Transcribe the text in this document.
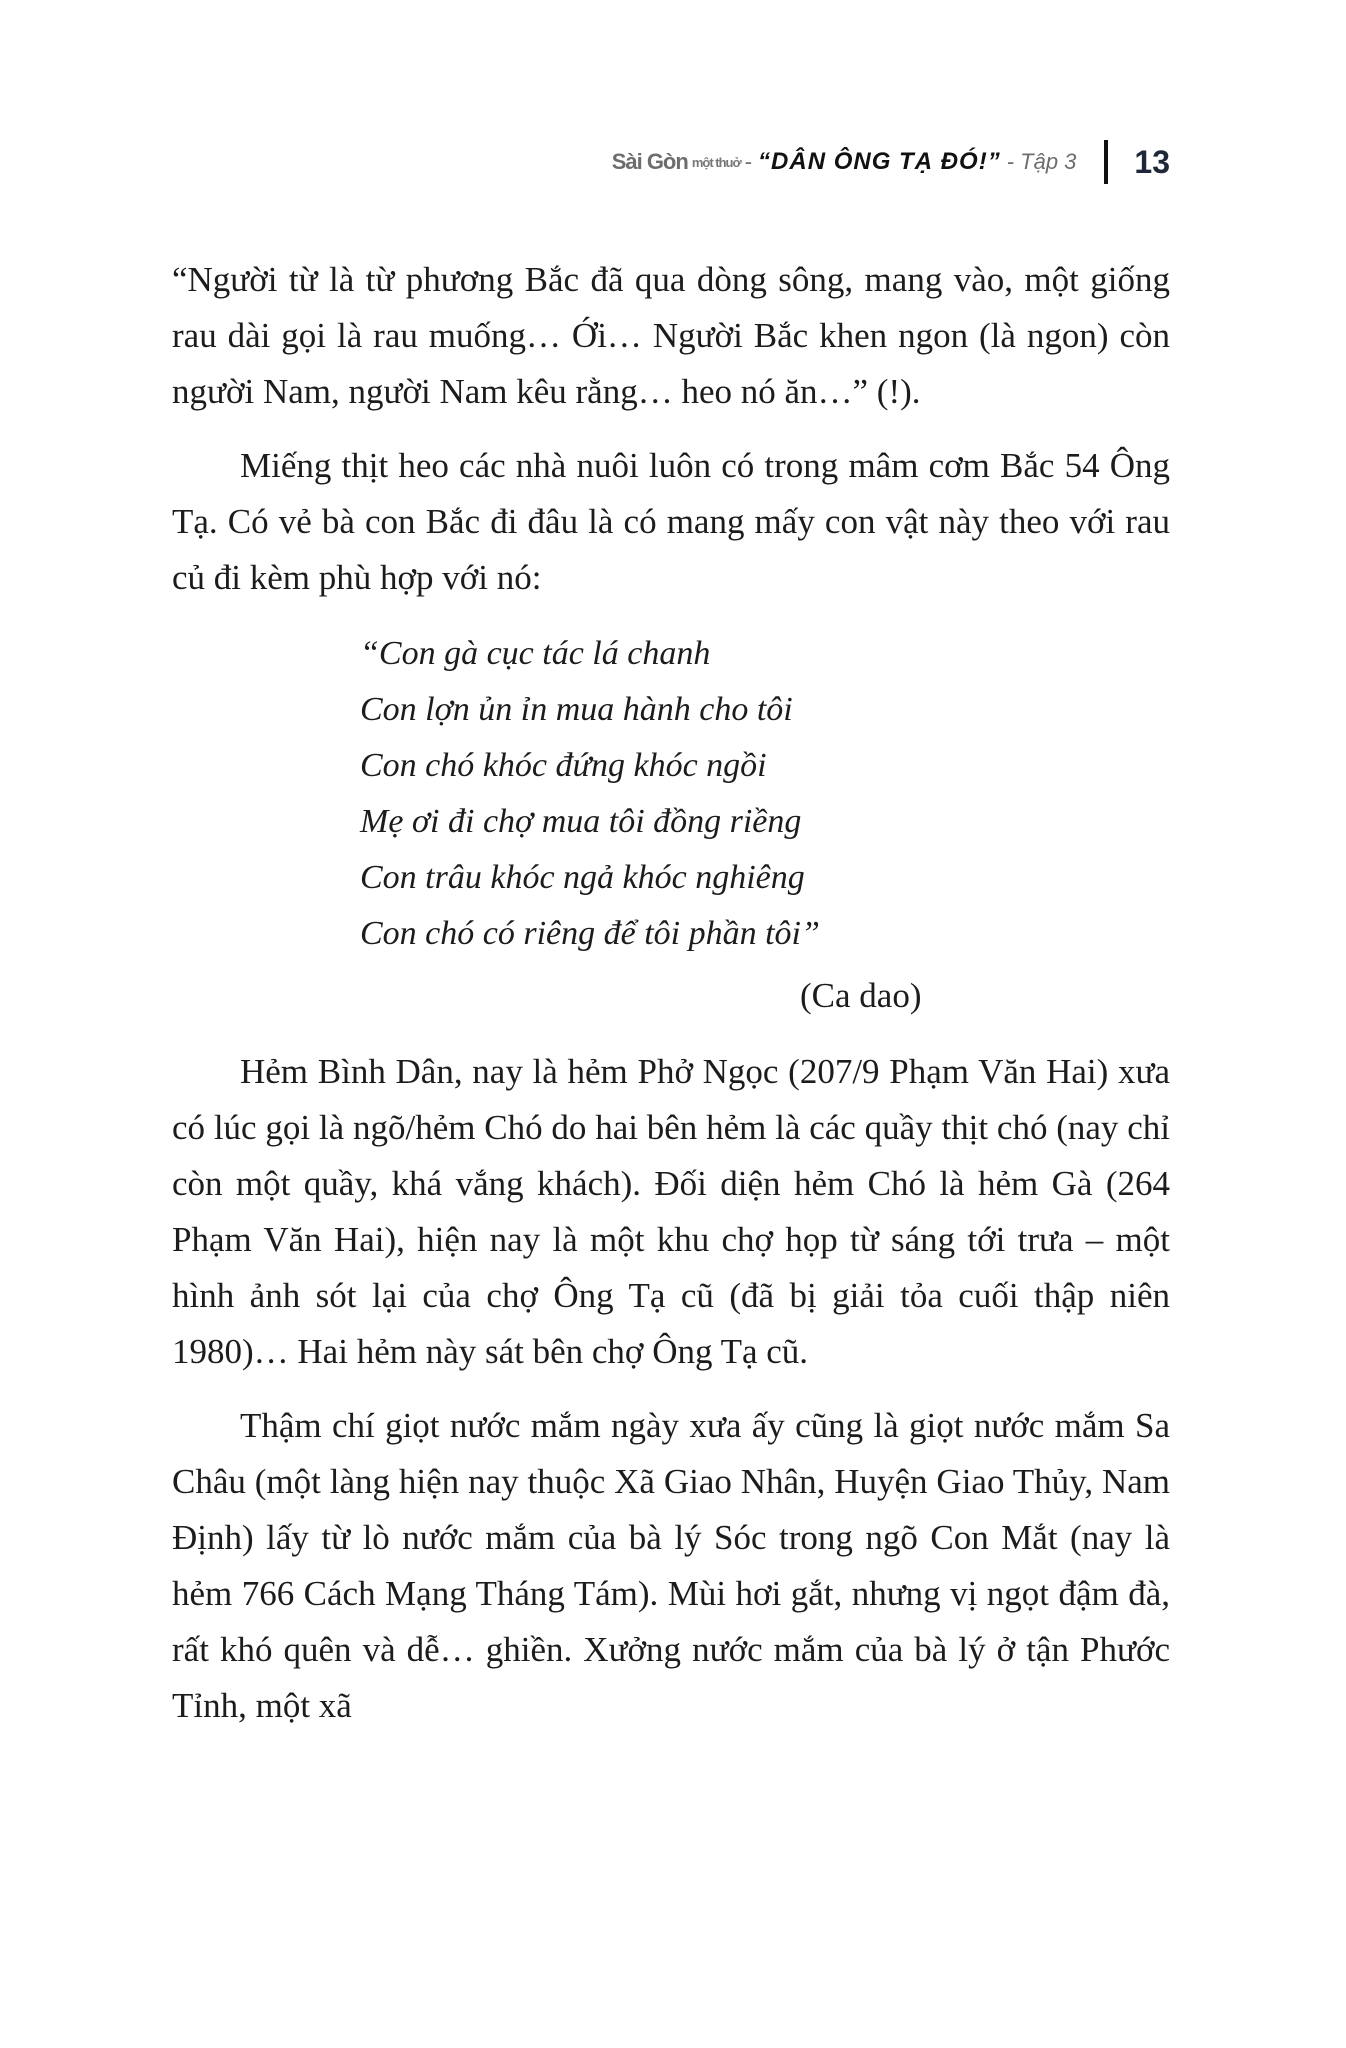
Sài Gòn một thuở - “DÂN ÔNG TẠ ĐÓ!” - Tập 3 13

“Người từ là từ phương Bắc đã qua dòng sông, mang vào, một giống rau dài gọi là rau muống… Ới… Người Bắc khen ngon (là ngon) còn người Nam, người Nam kêu rằng… heo nó ăn…” (!).

Miếng thịt heo các nhà nuôi luôn có trong mâm cơm Bắc 54 Ông Tạ. Có vẻ bà con Bắc đi đâu là có mang mấy con vật này theo với rau củ đi kèm phù hợp với nó:

“Con gà cục tác lá chanh
Con lợn ủn ỉn mua hành cho tôi
Con chó khóc đứng khóc ngồi
Mẹ ơi đi chợ mua tôi đồng riềng
Con trâu khóc ngả khóc nghiêng
Con chó có riêng để tôi phần tôi”
(Ca dao)

Hẻm Bình Dân, nay là hẻm Phở Ngọc (207/9 Phạm Văn Hai) xưa có lúc gọi là ngõ/hẻm Chó do hai bên hẻm là các quầy thịt chó (nay chỉ còn một quầy, khá vắng khách). Đối diện hẻm Chó là hẻm Gà (264 Phạm Văn Hai), hiện nay là một khu chợ họp từ sáng tới trưa – một hình ảnh sót lại của chợ Ông Tạ cũ (đã bị giải tỏa cuối thập niên 1980)… Hai hẻm này sát bên chợ Ông Tạ cũ.

Thậm chí giọt nước mắm ngày xưa ấy cũng là giọt nước mắm Sa Châu (một làng hiện nay thuộc Xã Giao Nhân, Huyện Giao Thủy, Nam Định) lấy từ lò nước mắm của bà lý Sóc trong ngõ Con Mắt (nay là hẻm 766 Cách Mạng Tháng Tám). Mùi hơi gắt, nhưng vị ngọt đậm đà, rất khó quên và dễ… ghiền. Xưởng nước mắm của bà lý ở tận Phước Tỉnh, một xã
